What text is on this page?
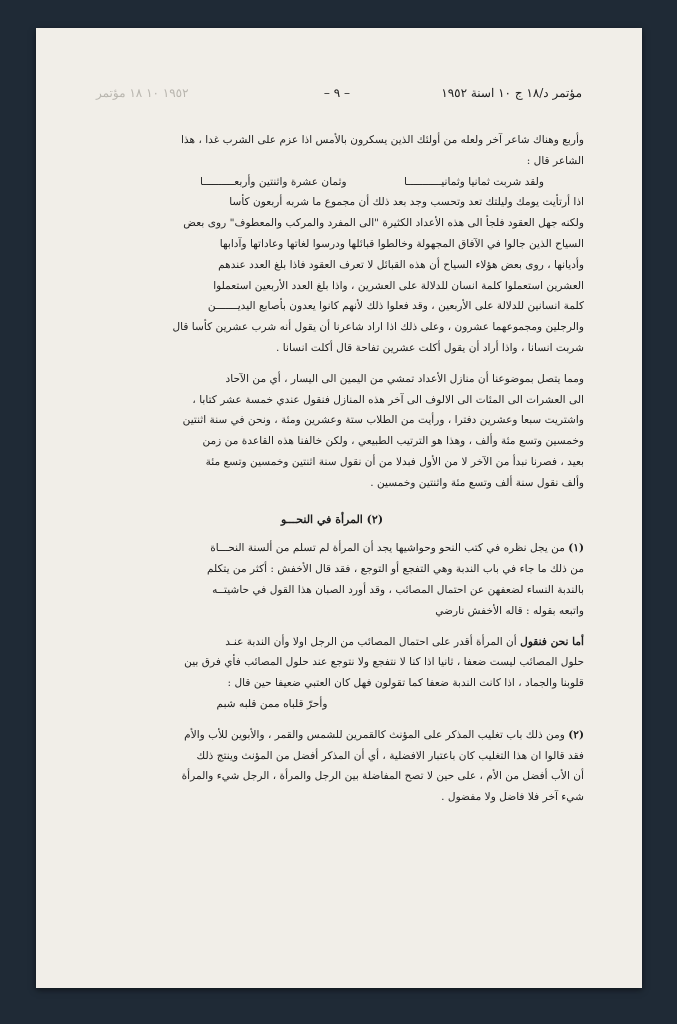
مؤتمر د/١٨ ج ١٠ اسنة ١٩٥٢
– ٩ –
١٩٥٢ ١٠ ١٨ مؤتمر

وأربع وهناك شاعر آخر ولعله من أولئك الذين يسكرون بالأمس اذا عزم على الشرب غدا ، هذا

الشاعر قال :

ولقد شربت ثمانيا وثمانيـــــــــــا
وثمان عشرة واثنتين وأربعــــــــــا

اذا أرتأيت يومك وليلتك تعد وتحسب وجد بعد ذلك أن مجموع ما شربه أربعون كأسا

ولكنه جهل العقود فلجأ الى هذه الأعداد الكثيرة "الى المفرد والمركب والمعطوف" روى بعض

السياح الذين جالوا في الآفاق المجهولة وخالطوا قبائلها ودرسوا لغاتها وعاداتها وآدابها

وأديانها ، روى بعض هؤلاء السياح أن هذه القبائل لا تعرف العقود فاذا بلغ العدد عندهم

العشرين استعملوا كلمة انسان للدلالة على العشرين ، واذا بلغ العدد الأربعين استعملوا

كلمة انسانين للدلالة على الأربعين ، وقد فعلوا ذلك لأنهم كانوا يعدون بأصابع اليديـــــــن

والرجلين ومجموعهما عشرون ، وعلى ذلك اذا اراد شاعرنا أن يقول أنه شرب عشرين كأسا قال

شربت انسانا ، واذا أراد أن يقول أكلت عشرين تفاحة قال أكلت انسانا .

ومما يتصل بموضوعنا أن منازل الأعداد تمشي من اليمين الى اليسار ، أي من الآحاد

الى العشرات الى المئات الى الالوف الى آخر هذه المنازل فنقول عندي خمسة عشر كتابا ،

واشتريت سبعا وعشرين دفترا ، ورأيت من الطلاب ستة وعشرين ومئة ، ونحن في سنة اثنتين

وخمسين وتسع مئة وألف ، وهذا هو الترتيب الطبيعي ، ولكن خالفنا هذه القاعدة من زمن

بعيد ، فصرنا نبدأ من الآخر لا من الأول فبدلا من أن نقول سنة اثنتين وخمسين وتسع مئة

وألف نقول سنة ألف وتسع مئة واثنتين وخمسين .

(٢) المرأة في النحـــو

(١) من يجل نظره في كتب النحو وحواشيها يجد أن المرأة لم تسلم من ألسنة النحـــاة

من ذلك ما جاء في باب الندبة وهي التفجع أو التوجع ، فقد قال الأخفش : أكثر من يتكلم

بالندبة النساء لضعفهن عن احتمال المصائب ، وقد أورد الصبان هذا القول في حاشيتــه

واتبعه بقوله : قاله الأخفش نارضي

أما نحن فنقول أن المرأة أقدر على احتمال المصائب من الرجل اولا وأن الندبة عنـد

حلول المصائب ليست ضعفا ، ثانيا اذا كنا لا نتفجع ولا نتوجع عند حلول المصائب فأي فرق بين

قلوبنا والجماد ، اذا كانت الندبة ضعفا كما تقولون فهل كان العتبي ضعيفا حين قال :

وأحرّ قلباه ممن قلبه شبم

(٢) ومن ذلك باب تغليب المذكر على المؤنث كالقمرين للشمس والقمر ، والأبوين للأب والأم

فقد قالوا ان هذا التغليب كان باعتبار الافضلية ، أي أن المذكر أفضل من المؤنث وينتج ذلك

أن الأب أفضل من الأم ، على حين لا تصح المفاضلة بين الرجل والمرأة ، الرجل شيء والمرأة

شيء آخر فلا فاضل ولا مفضول .
